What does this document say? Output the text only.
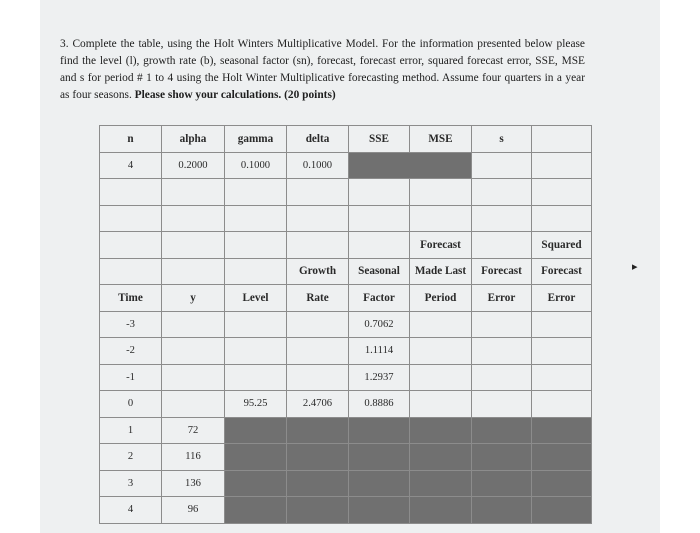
3. Complete the table, using the Holt Winters Multiplicative Model. For the information presented below please find the level (l), growth rate (b), seasonal factor (sn), forecast, forecast error, squared forecast error, SSE, MSE and s for period # 1 to 4 using the Holt Winter Multiplicative forecasting method. Assume four quarters in a year as four seasons. Please show your calculations. (20 points)
n	alpha	gamma	delta	SSE	MSE	s	
4	0.2000	0.1000	0.1000				

					Forecast		Squared
			Growth	Seasonal	Made Last	Forecast	Forecast
Time	y	Level	Rate	Factor	Period	Error	Error
-3				0.7062			
-2				1.1114			
-1				1.2937			
0		95.25	2.4706	0.8886			
1	72						
2	116						
3	136						
4	96						
▸
